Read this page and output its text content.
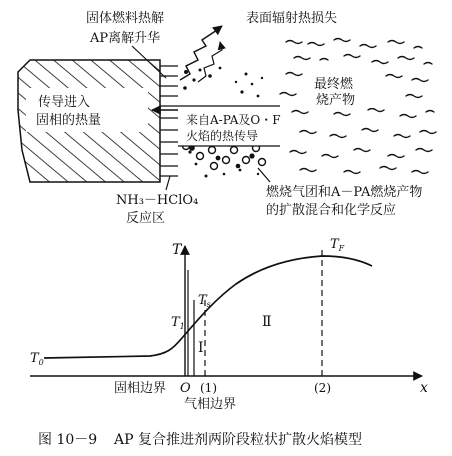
传导进入
固相的热量	来自A-PA及O・F
火焰的热传导
最终燃
烧产物
固体燃料热解
AP离解升华
表面辐射热损失
NH₃－HClO₄
反应区
燃烧气团和A－PA燃烧产物
的扩散混合和化学反应
T
x
$T_0$
$T_1$
$T_s$
$T_F$
Ⅰ
Ⅱ
O (1)	(2)
固相边界
气相边界
图 10－9 AP 复合推进剂两阶段粒状扩散火焰模型
